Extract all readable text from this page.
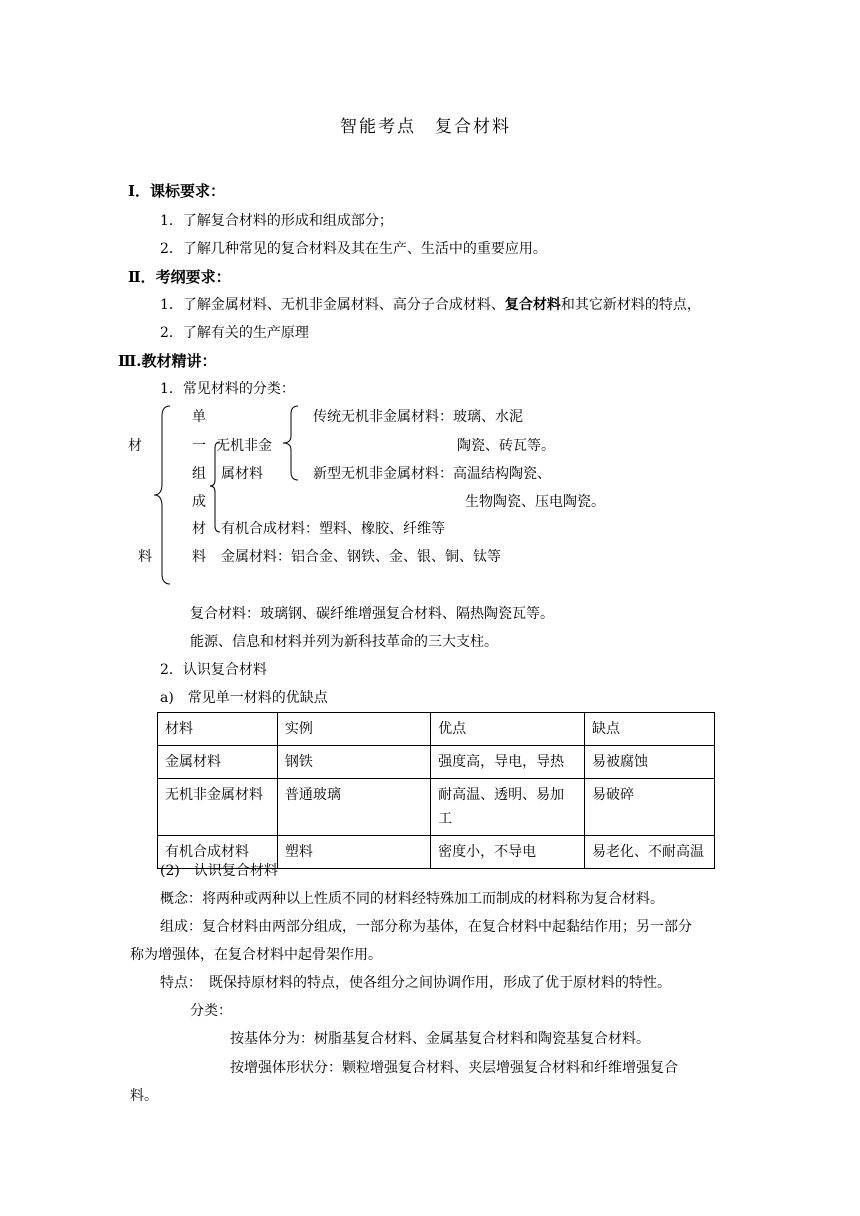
智能考点　复合材料
Ⅰ．课标要求：
1．了解复合材料的形成和组成部分；
2．了解几种常见的复合材料及其在生产、生活中的重要应用。
Ⅱ．考纲要求：
1．了解金属材料、无机非金属材料、高分子合成材料、复合材料和其它新材料的特点，
2．了解有关的生产原理
Ⅲ.教材精讲：
1．常见材料的分类：
材
料
单
一
组
成
材
料
无机非金
属材料
传统无机非金属材料：玻璃、水泥
陶瓷、砖瓦等。
新型无机非金属材料：高温结构陶瓷、
生物陶瓷、压电陶瓷。
有机合成材料：塑料、橡胶、纤维等
金属材料：铝合金、钢铁、金、银、铜、钛等
复合材料：玻璃钢、碳纤维增强复合材料、隔热陶瓷瓦等。
能源、信息和材料并列为新科技革命的三大支柱。
2．认识复合材料
a)　常见单一材料的优缺点
材料	实例	优点	缺点
金属材料	钢铁	强度高，导电，导热	易被腐蚀
无机非金属材料	普通玻璃	耐高温、透明、易加工	易破碎
有机合成材料	塑料	密度小，不导电	易老化、不耐高温
(2)　认识复合材料
概念：将两种或两种以上性质不同的材料经特殊加工而制成的材料称为复合材料。
组成：复合材料由两部分组成，一部分称为基体，在复合材料中起黏结作用；另一部分
称为增强体，在复合材料中起骨架作用。
特点：　既保持原材料的特点，使各组分之间协调作用，形成了优于原材料的特性。
分类：
按基体分为：树脂基复合材料、金属基复合材料和陶瓷基复合材料。
按增强体形状分：颗粒增强复合材料、夹层增强复合材料和纤维增强复合
料。
